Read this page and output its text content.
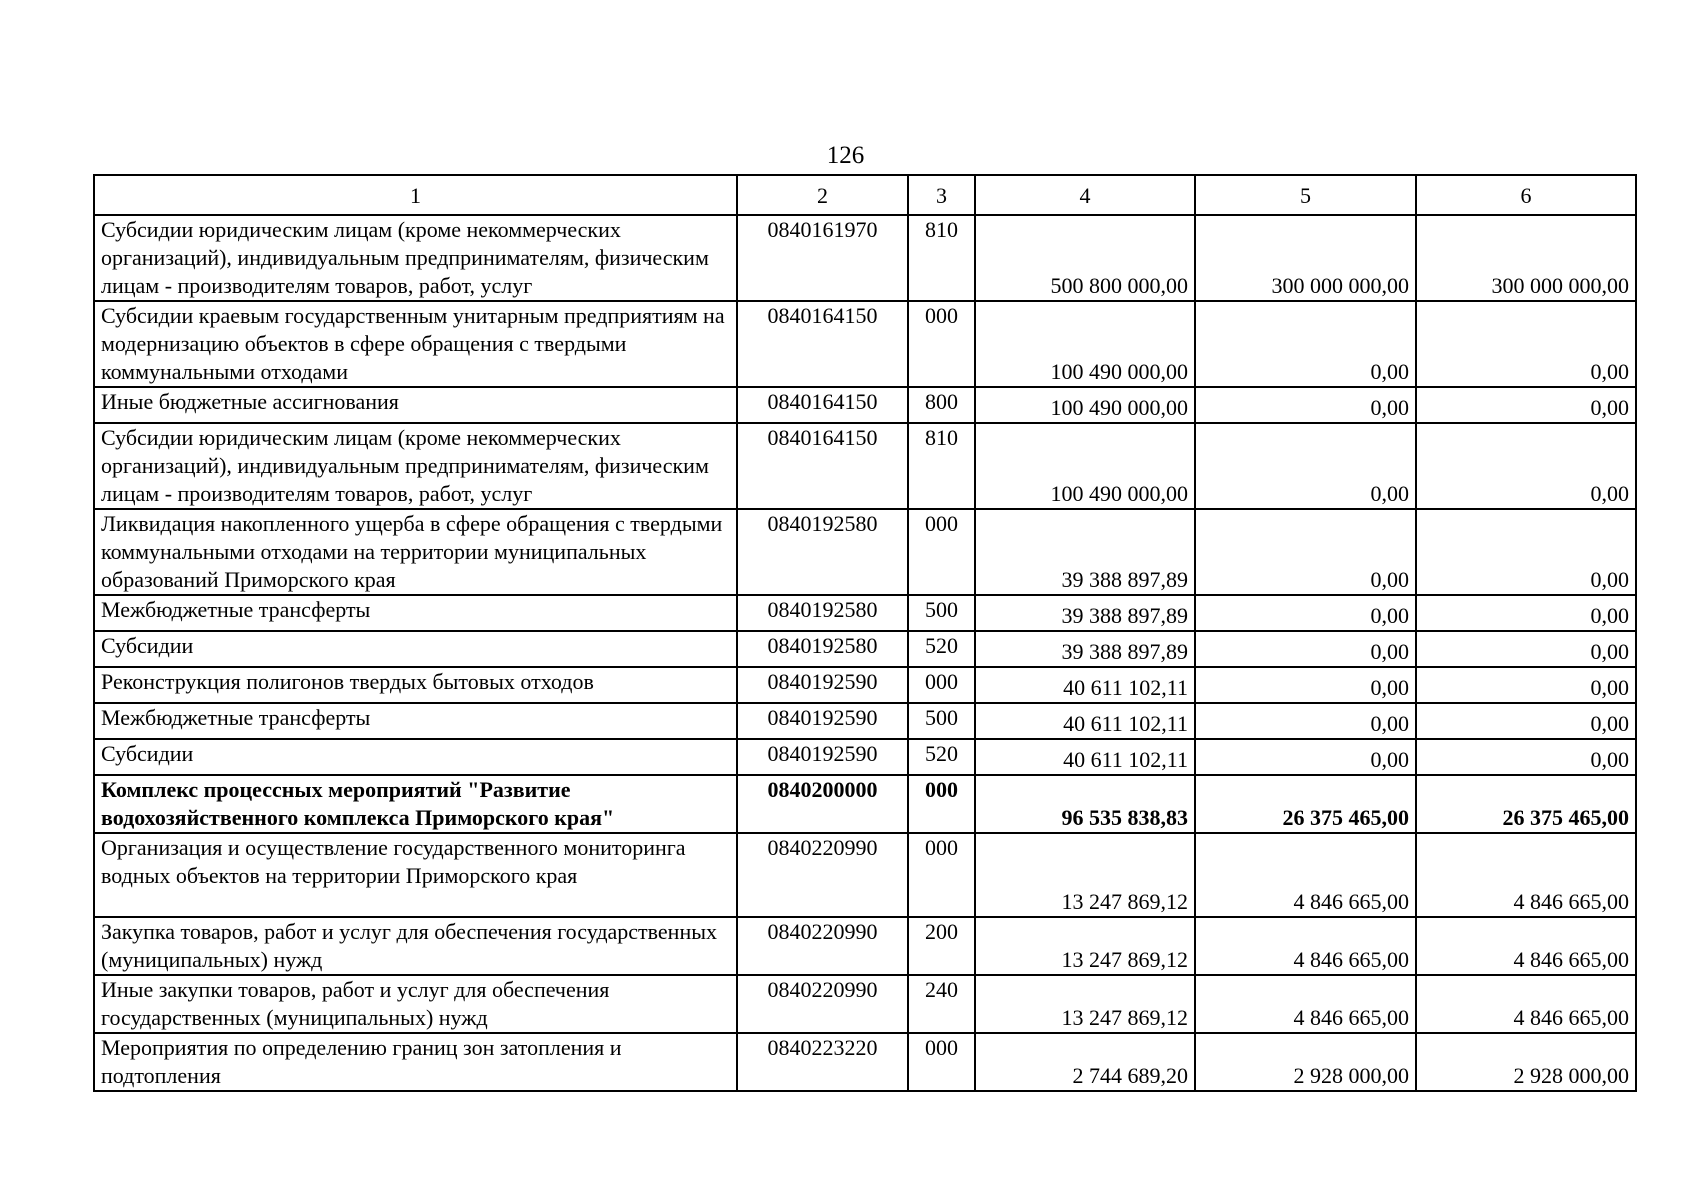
126
1	2	3	4	5	6
Субсидии юридическим лицам (кроме некоммерческих организаций), индивидуальным предпринимателям, физическим лицам - производителям товаров, работ, услуг	0840161970	810	500 800 000,00	300 000 000,00	300 000 000,00
Субсидии краевым государственным унитарным предприятиям на модернизацию объектов в сфере обращения с твердыми коммунальными отходами	0840164150	000	100 490 000,00	0,00	0,00
Иные бюджетные ассигнования	0840164150	800	100 490 000,00	0,00	0,00
Субсидии юридическим лицам (кроме некоммерческих организаций), индивидуальным предпринимателям, физическим лицам - производителям товаров, работ, услуг	0840164150	810	100 490 000,00	0,00	0,00
Ликвидация накопленного ущерба в сфере обращения с твердыми коммунальными отходами на территории муниципальных образований Приморского края	0840192580	000	39 388 897,89	0,00	0,00
Межбюджетные трансферты	0840192580	500	39 388 897,89	0,00	0,00
Субсидии	0840192580	520	39 388 897,89	0,00	0,00
Реконструкция полигонов твердых бытовых отходов	0840192590	000	40 611 102,11	0,00	0,00
Межбюджетные трансферты	0840192590	500	40 611 102,11	0,00	0,00
Субсидии	0840192590	520	40 611 102,11	0,00	0,00
Комплекс процессных мероприятий "Развитие водохозяйственного комплекса Приморского края"	0840200000	000	96 535 838,83	26 375 465,00	26 375 465,00
Организация и осуществление государственного мониторинга водных объектов на территории Приморского края	0840220990	000	13 247 869,12	4 846 665,00	4 846 665,00
Закупка товаров, работ и услуг для обеспечения государственных (муниципальных) нужд	0840220990	200	13 247 869,12	4 846 665,00	4 846 665,00
Иные закупки товаров, работ и услуг для обеспечения государственных (муниципальных) нужд	0840220990	240	13 247 869,12	4 846 665,00	4 846 665,00
Мероприятия по определению границ зон затопления и подтопления	0840223220	000	2 744 689,20	2 928 000,00	2 928 000,00
